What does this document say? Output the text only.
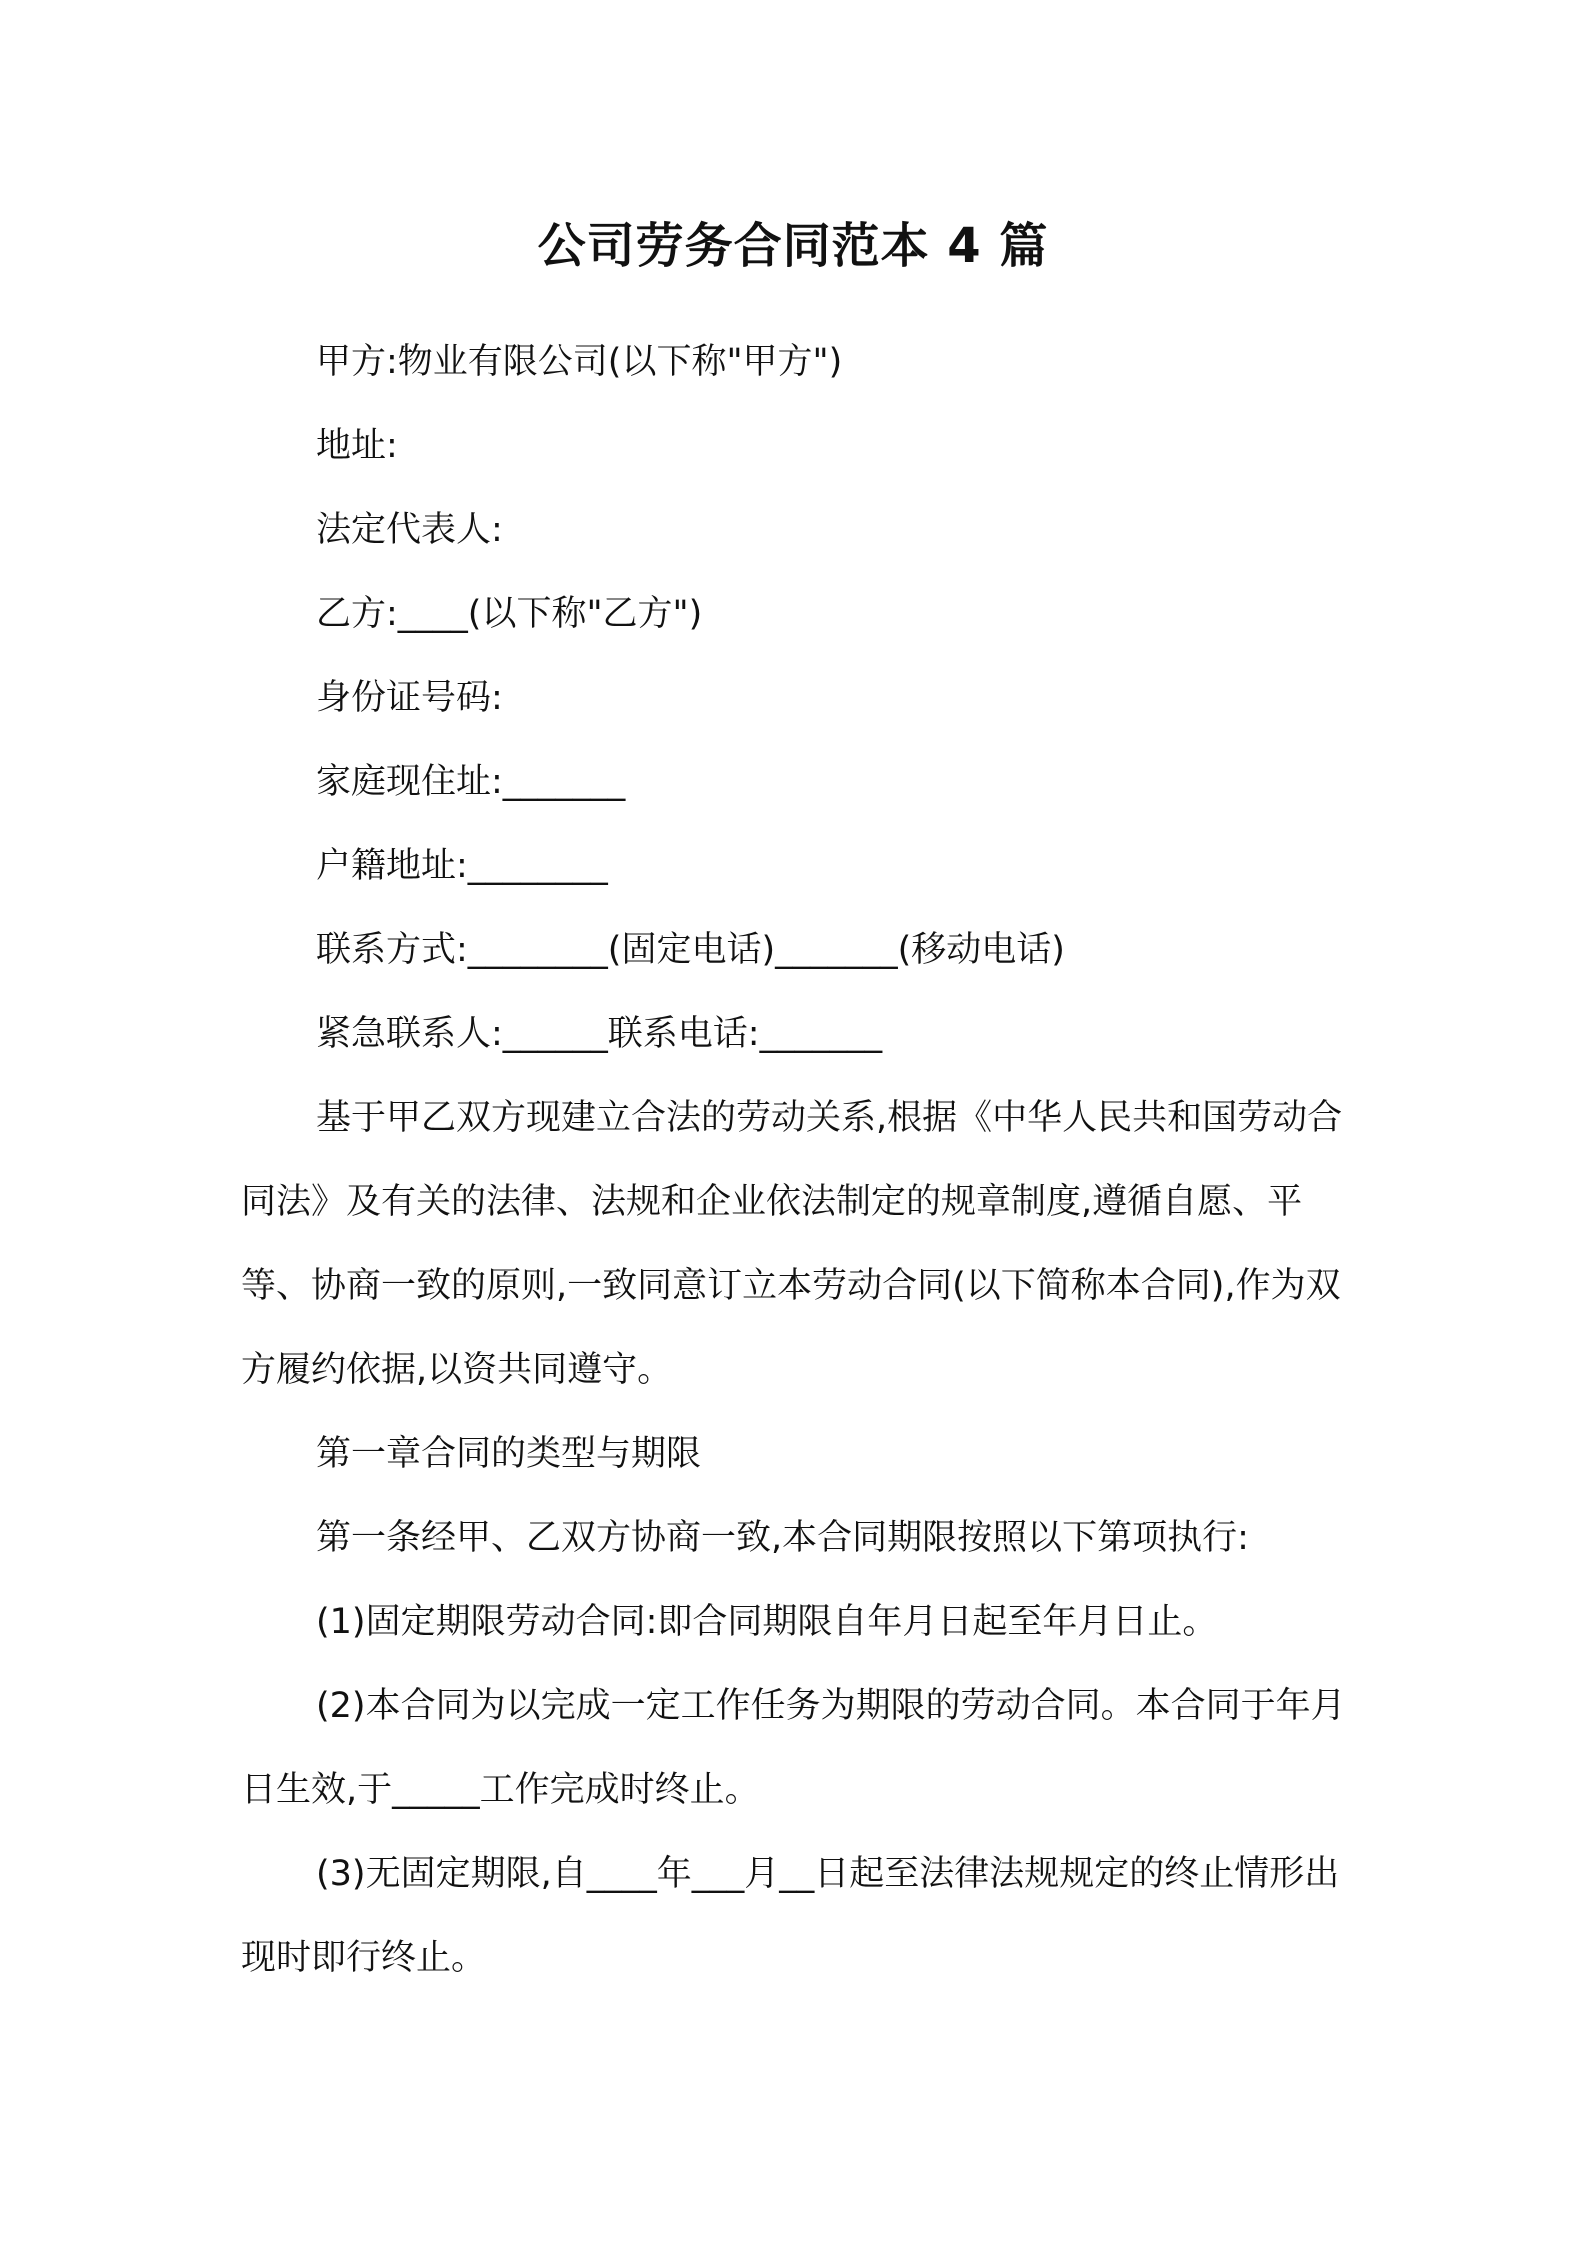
公司劳务合同范本 4 篇

甲方:物业有限公司(以下称"甲方")

地址:

法定代表人:

乙方:____(以下称"乙方")

身份证号码:

家庭现住址:_______

户籍地址:________

联系方式:________(固定电话)_______(移动电话)

紧急联系人:______联系电话:_______

基于甲乙双方现建立合法的劳动关系,根据《中华人民共和国劳动合同法》及有关的法律、法规和企业依法制定的规章制度,遵循自愿、平等、协商一致的原则,一致同意订立本劳动合同(以下简称本合同),作为双方履约依据,以资共同遵守。

第一章合同的类型与期限

第一条经甲、乙双方协商一致,本合同期限按照以下第项执行:

(1)固定期限劳动合同:即合同期限自年月日起至年月日止。

(2)本合同为以完成一定工作任务为期限的劳动合同。本合同于年月日生效,于_____工作完成时终止。

(3)无固定期限,自____年___月__日起至法律法规规定的终止情形出现时即行终止。
